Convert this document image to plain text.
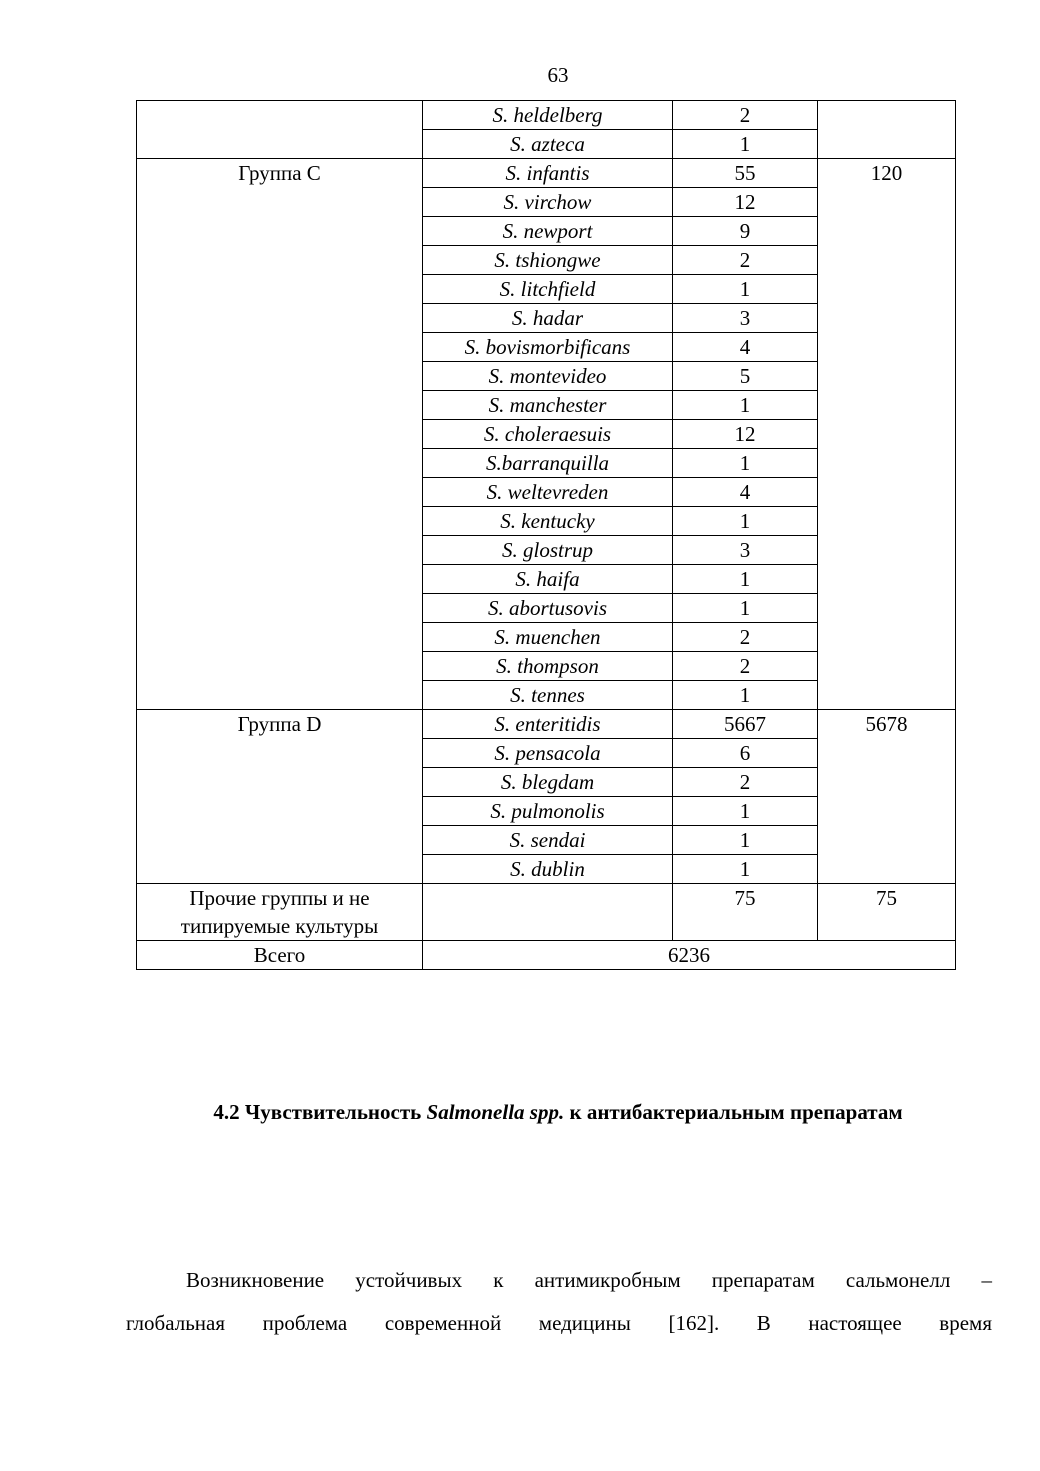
63
	S. heldelberg	2	
	S. azteca	1	
Группа С	S. infantis	55	120
	S. virchow	12	
	S. newport	9	
	S. tshiongwe	2	
	S. litchfield	1	
	S. hadar	3	
	S. bovismorbificans	4	
	S. montevideo	5	
	S. manchester	1	
	S. choleraesuis	12	
	S.barranquilla	1	
	S. weltevreden	4	
	S. kentucky	1	
	S. glostrup	3	
	S. haifa	1	
	S. abortusovis	1	
	S. muenchen	2	
	S. thompson	2	
	S. tennes	1	
Группа D	S. enteritidis	5667	5678
	S. pensacola	6	
	S. blegdam	2	
	S. pulmonolis	1	
	S. sendai	1	
	S. dublin	1	
Прочие группы и не типируемые культуры		75	75
Всего	6236		
4.2 Чувствительность Salmonella spp. к антибактериальным препаратам
Возникновение устойчивых к антимикробным препаратам сальмонелл –
глобальная проблема современной медицины [162]. В настоящее время
